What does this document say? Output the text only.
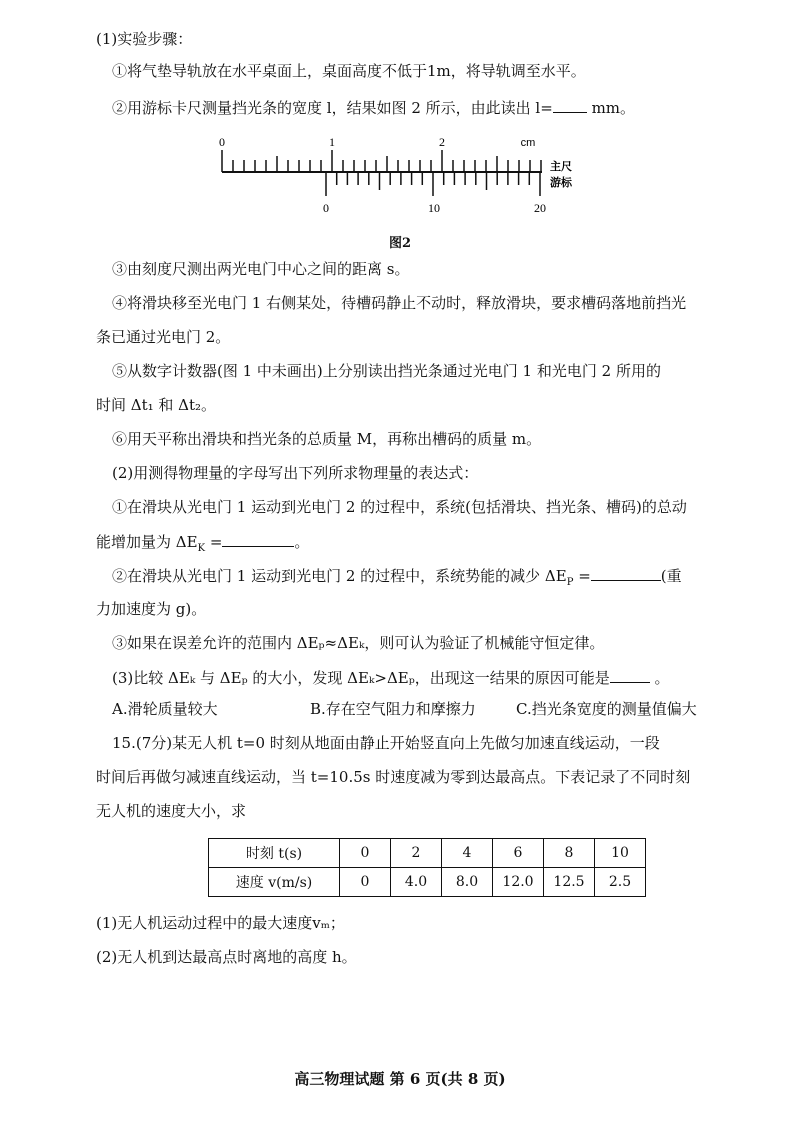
(1)实验步骤：
①将气垫导轨放在水平桌面上，桌面高度不低于1m，将导轨调至水平。
②用游标卡尺测量挡光条的宽度 l，结果如图 2 所示，由此读出 l= mm。
0	1	2	cm
主尺
游标
0	10	20
图2
③由刻度尺测出两光电门中心之间的距离 s。
④将滑块移至光电门 1 右侧某处，待槽码静止不动时，释放滑块，要求槽码落地前挡光
条已通过光电门 2。
⑤从数字计数器(图 1 中未画出)上分别读出挡光条通过光电门 1 和光电门 2 所用的
时间 Δt₁ 和 Δt₂。
⑥用天平称出滑块和挡光条的总质量 M，再称出槽码的质量 m。
(2)用测得物理量的字母写出下列所求物理量的表达式：
①在滑块从光电门 1 运动到光电门 2 的过程中，系统(包括滑块、挡光条、槽码)的总动
能增加量为 $\Delta E_K$ =	。
②在滑块从光电门 1 运动到光电门 2 的过程中，系统势能的减少 $\Delta E_P$ =	(重
力加速度为 g)。
③如果在误差允许的范围内 ΔEₚ≈ΔEₖ，则可认为验证了机械能守恒定律。
(3)比较 ΔEₖ 与 ΔEₚ 的大小，发现 ΔEₖ>ΔEₚ，出现这一结果的原因可能是	。
A.滑轮质量较大	B.存在空气阻力和摩擦力	C.挡光条宽度的测量值偏大
15.(7分)某无人机 t=0 时刻从地面由静止开始竖直向上先做匀加速直线运动，一段
时间后再做匀减速直线运动，当 t=10.5s 时速度减为零到达最高点。下表记录了不同时刻
无人机的速度大小，求
时刻 t(s)	0	2	4	6	8	10
速度 v(m/s)	0	4.0	8.0	12.0	12.5	2.5
(1)无人机运动过程中的最大速度vₘ；
(2)无人机到达最高点时离地的高度 h。
高三物理试题 第 6 页(共 8 页)
